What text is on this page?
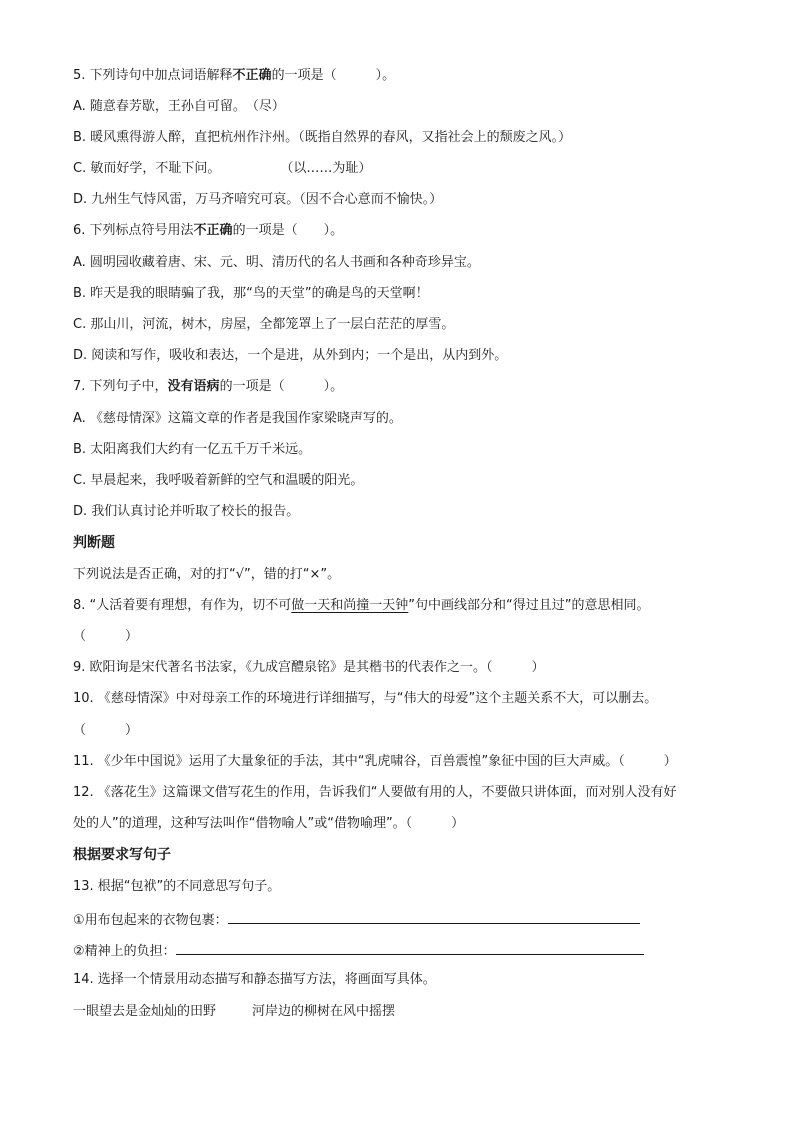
5. 下列诗句中加点词语解释不正确的一项是（　　　）。
A. 随意春芳歇，王孙自可留。　（尽）
B. 暖风熏得游人醉，直把杭州作汴州。（既指自然界的春风，又指社会上的颓废之风。）
C. 敏而好学，不耻下问。	（以……为耻）
D. 九州生气恃风雷，万马齐喑究可哀。（因不合心意而不愉快。）
6. 下列标点符号用法不正确的一项是（　　）。
A. 圆明园收藏着唐、宋、元、明、清历代的名人书画和各种奇珍异宝。
B. 昨天是我的眼睛骗了我，那“鸟的天堂”的确是鸟的天堂啊！
C. 那山川，河流，树木，房屋，全都笼罩上了一层白茫茫的厚雪。
D. 阅读和写作，吸收和表达，一个是进，从外到内；一个是出，从内到外。
7. 下列句子中，没有语病的一项是（　　　）。
A. 《慈母情深》这篇文章的作者是我国作家梁晓声写的。
B. 太阳离我们大约有一亿五千万千米远。
C. 早晨起来，我呼吸着新鲜的空气和温暖的阳光。
D. 我们认真讨论并听取了校长的报告。
判断题
下列说法是否正确，对的打“√”，错的打“×”。
8. “人活着要有理想，有作为，切不可做一天和尚撞一天钟”句中画线部分和“得过且过”的意思相同。
（　　　）
9. 欧阳询是宋代著名书法家，《九成宫醴泉铭》是其楷书的代表作之一。（　　　）
10. 《慈母情深》中对母亲工作的环境进行详细描写，与“伟大的母爱”这个主题关系不大，可以删去。
（　　　）
11. 《少年中国说》运用了大量象征的手法，其中“乳虎啸谷，百兽震惶”象征中国的巨大声威。（　　　）
12. 《落花生》这篇课文借写花生的作用，告诉我们“人要做有用的人，不要做只讲体面，而对别人没有好
处的人”的道理，这种写法叫作“借物喻人”或“借物喻理”。（　　　）
根据要求写句子
13. 根据“包袱”的不同意思写句子。
①用布包起来的衣物包裹：
②精神上的负担：
14. 选择一个情景用动态描写和静态描写方法，将画面写具体。
一眼望去是金灿灿的田野	河岸边的柳树在风中摇摆
